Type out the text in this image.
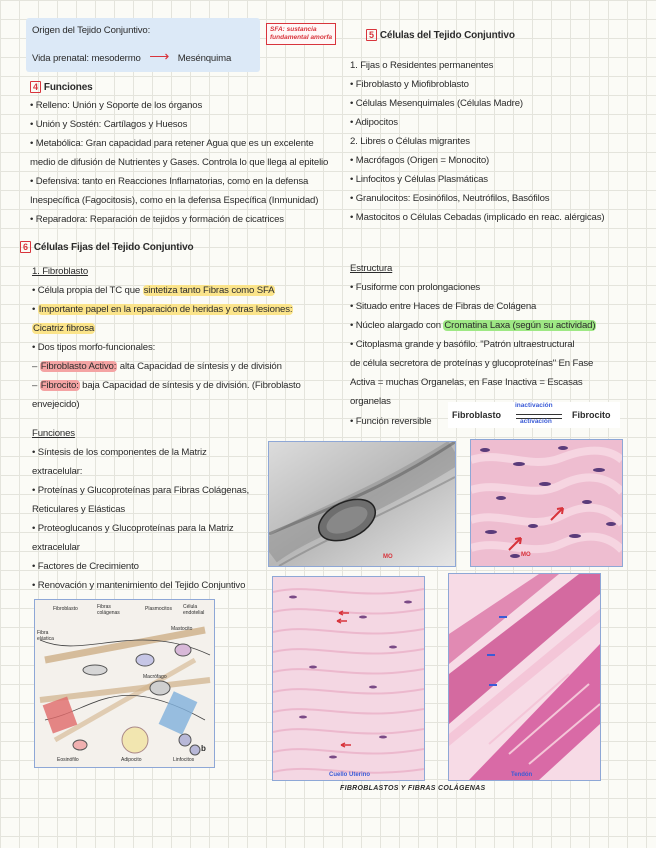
Origen del Tejido Conjuntivo:
Vida prenatal: mesodermo ⟶ Mesénquima
SFA: sustancia
fundamental amorfa
4 Funciones
• Relleno: Unión y Soporte de los órganos
• Unión y Sostén: Cartílagos y Huesos
• Metabólica: Gran capacidad para retener Agua que es un excelente
medio de difusión de Nutrientes y Gases. Controla lo que llega al epitelio
• Defensiva: tanto en Reacciones Inflamatorias, como en la defensa
Inespecífica (Fagocitosis), como en la defensa Específica (Inmunidad)
• Reparadora: Reparación de tejidos y formación de cicatrices
5 Células del Tejido Conjuntivo
1. Fijas o Residentes permanentes
• Fibroblasto y Miofibroblasto
• Células Mesenquimales (Células Madre)
• Adipocitos
2. Libres o Células migrantes
• Macrófagos (Origen = Monocito)
• Linfocitos y Células Plasmáticas
• Granulocitos: Eosinófilos, Neutrófilos, Basófilos
• Mastocitos o Células Cebadas (implicado en reac. alérgicas)
6 Células Fijas del Tejido Conjuntivo
1. Fibroblasto
• Célula propia del TC que sintetiza tanto Fibras como SFA
• Importante papel en la reparación de heridas y otras lesiones:
Cicatriz fibrosa
• Dos tipos morfo-funcionales:
– Fibroblasto Activo: alta Capacidad de síntesis y de división
– Fibrocito: baja Capacidad de síntesis y de división. (Fibroblasto
envejecido)
Funciones
• Síntesis de los componentes de la Matriz
extracelular:
• Proteínas y Glucoproteínas para Fibras Colágenas,
Reticulares y Elásticas
• Proteoglucanos y Glucoproteínas para la Matriz
extracelular
• Factores de Crecimiento
• Renovación y mantenimiento del Tejido Conjuntivo
Estructura
• Fusiforme con prolongaciones
• Situado entre Haces de Fibras de Colágena
• Núcleo alargado con Cromatina Laxa (según su actividad)
• Citoplasma grande y basófilo. "Patrón ultraestructural
de célula secretora de proteínas y glucoproteínas" En Fase
Activa = muchas Organelas, en Fase Inactiva = Escasas
organelas
• Función reversible
Fibroblasto
inactivación
activación
Fibrocito
MO	MO
Fibroblasto	Fibras colágenas
Plasmocitos Célula endotelial
Fibra elástica
Mastocito
Macrófago
Eosinófilo	Adipocito	Linfocitos
b
Cuello Uterino	Tendón
FIBROBLASTOS Y FIBRAS COLÁGENAS
